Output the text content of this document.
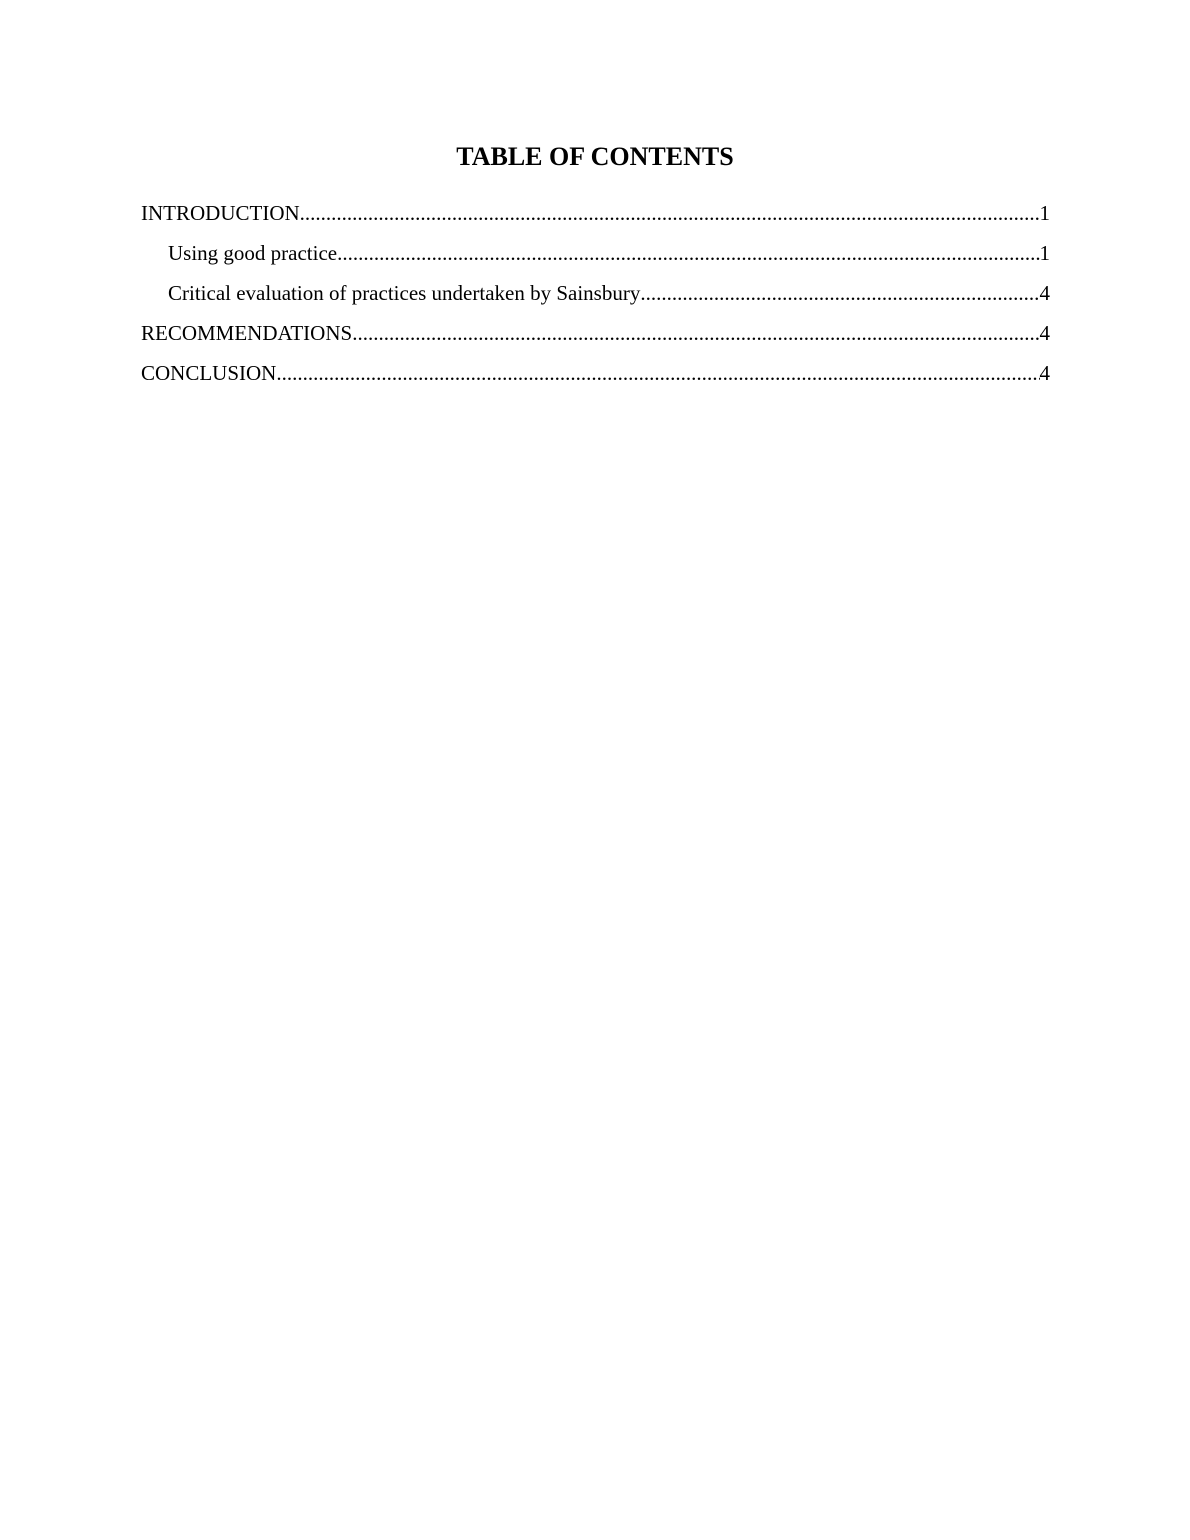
TABLE OF CONTENTS
INTRODUCTION .....	1
Using good practice .....	1
Critical evaluation of practices undertaken by Sainsbury .....	4
RECOMMENDATIONS .....	4
CONCLUSION .....	4
